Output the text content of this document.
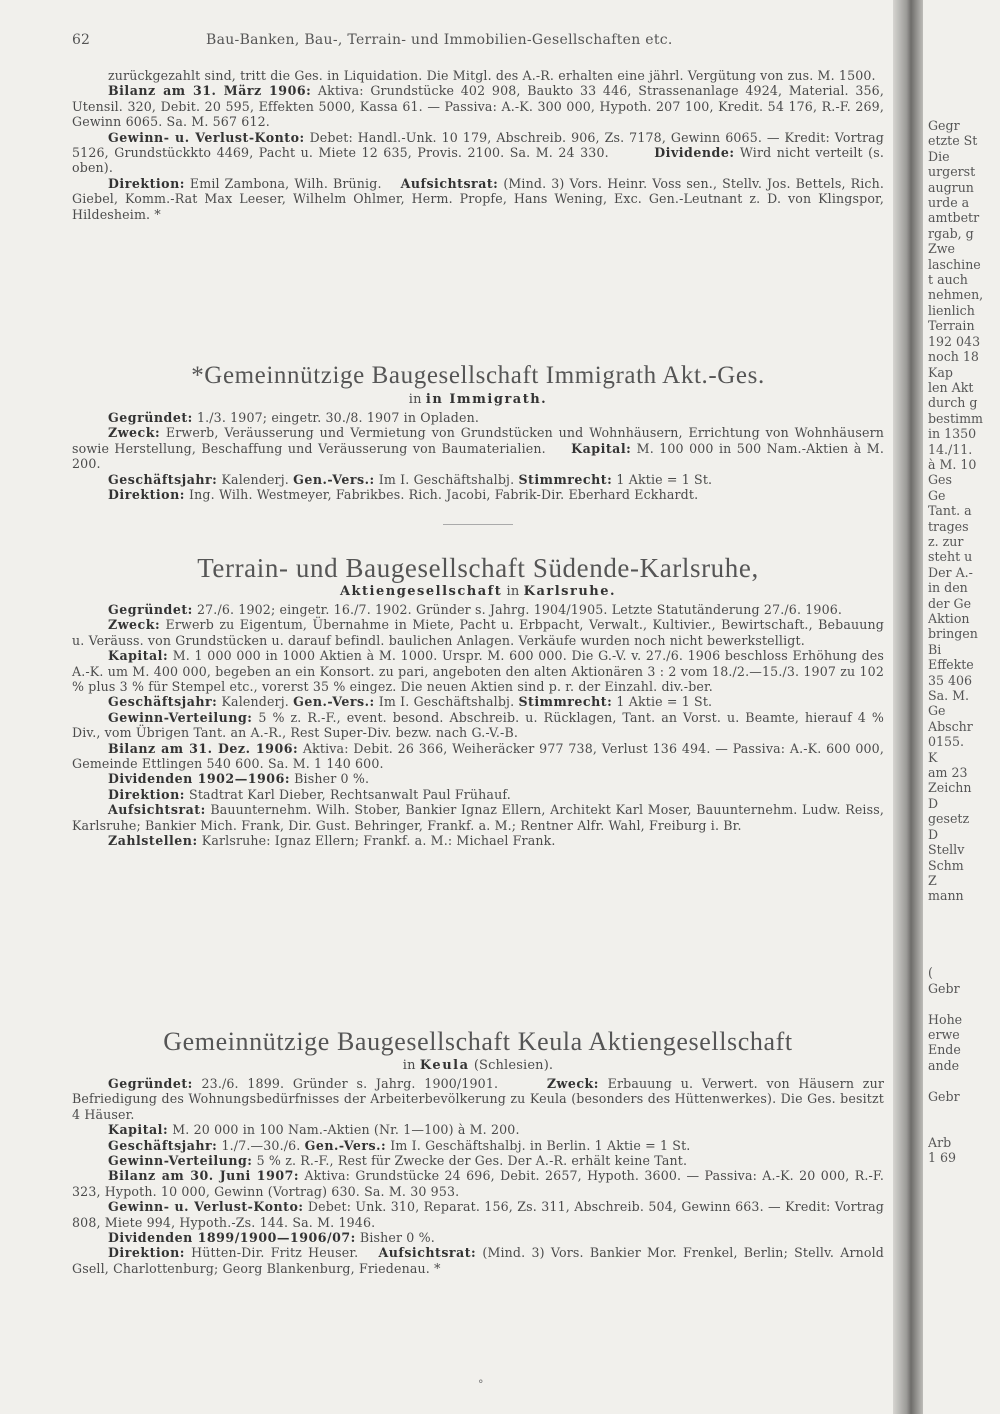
62	Bau-Banken, Bau-, Terrain- und Immobilien-Gesellschaften etc.

zurückgezahlt sind, tritt die Ges. in Liquidation. Die Mitgl. des A.-R. erhalten eine jährl. Vergütung von zus. M. 1500.

Bilanz am 31. März 1906: Aktiva: Grundstücke 402 908, Baukto 33 446, Strassenanlage 4924, Material. 356, Utensil. 320, Debit. 20 595, Effekten 5000, Kassa 61. — Passiva: A.-K. 300 000, Hypoth. 207 100, Kredit. 54 176, R.-F. 269, Gewinn 6065. Sa. M. 567 612.

Gewinn- u. Verlust-Konto: Debet: Handl.-Unk. 10 179, Abschreib. 906, Zs. 7178, Gewinn 6065. — Kredit: Vortrag 5126, Grundstückkto 4469, Pacht u. Miete 12 635, Provis. 2100. Sa. M. 24 330.	Dividende: Wird nicht verteilt (s. oben).

Direktion: Emil Zambona, Wilh. Brünig. Aufsichtsrat: (Mind. 3) Vors. Heinr. Voss sen., Stellv. Jos. Bettels, Rich. Giebel, Komm.-Rat Max Leeser, Wilhelm Ohlmer, Herm. Propfe, Hans Wening, Exc. Gen.-Leutnant z. D. von Klingspor, Hildesheim. *

*Gemeinnützige Baugesellschaft Immigrath Akt.-Ges.

in in Immigrath.

Gegründet: 1./3. 1907; eingetr. 30./8. 1907 in Opladen.

Zweck: Erwerb, Veräusserung und Vermietung von Grundstücken und Wohnhäusern, Errichtung von Wohnhäusern sowie Herstellung, Beschaffung und Veräusserung von Baumaterialien. Kapital: M. 100 000 in 500 Nam.-Aktien à M. 200.

Geschäftsjahr: Kalenderj. Gen.-Vers.: Im I. Geschäftshalbj. Stimmrecht: 1 Aktie = 1 St.

Direktion: Ing. Wilh. Westmeyer, Fabrikbes. Rich. Jacobi, Fabrik-Dir. Eberhard Eckhardt.

Terrain- und Baugesellschaft Südende-Karlsruhe,

Aktiengesellschaft in Karlsruhe.

Gegründet: 27./6. 1902; eingetr. 16./7. 1902. Gründer s. Jahrg. 1904/1905. Letzte Statutänderung 27./6. 1906.

Zweck: Erwerb zu Eigentum, Übernahme in Miete, Pacht u. Erbpacht, Verwalt., Kultivier., Bewirtschaft., Bebauung u. Veräuss. von Grundstücken u. darauf befindl. baulichen Anlagen. Verkäufe wurden noch nicht bewerkstelligt.

Kapital: M. 1 000 000 in 1000 Aktien à M. 1000. Urspr. M. 600 000. Die G.-V. v. 27./6. 1906 beschloss Erhöhung des A.-K. um M. 400 000, begeben an ein Konsort. zu pari, angeboten den alten Aktionären 3 : 2 vom 18./2.—15./3. 1907 zu 102 % plus 3 % für Stempel etc., vorerst 35 % eingez. Die neuen Aktien sind p. r. der Einzahl. div.-ber.

Geschäftsjahr: Kalenderj. Gen.-Vers.: Im I. Geschäftshalbj. Stimmrecht: 1 Aktie = 1 St.

Gewinn-Verteilung: 5 % z. R.-F., event. besond. Abschreib. u. Rücklagen, Tant. an Vorst. u. Beamte, hierauf 4 % Div., vom Übrigen Tant. an A.-R., Rest Super-Div. bezw. nach G.-V.-B.

Bilanz am 31. Dez. 1906: Aktiva: Debit. 26 366, Weiheräcker 977 738, Verlust 136 494. — Passiva: A.-K. 600 000, Gemeinde Ettlingen 540 600. Sa. M. 1 140 600.

Dividenden 1902—1906: Bisher 0 %.

Direktion: Stadtrat Karl Dieber, Rechtsanwalt Paul Frühauf.

Aufsichtsrat: Bauunternehm. Wilh. Stober, Bankier Ignaz Ellern, Architekt Karl Moser, Bauunternehm. Ludw. Reiss, Karlsruhe; Bankier Mich. Frank, Dir. Gust. Behringer, Frankf. a. M.; Rentner Alfr. Wahl, Freiburg i. Br.

Zahlstellen: Karlsruhe: Ignaz Ellern; Frankf. a. M.: Michael Frank.

Gemeinnützige Baugesellschaft Keula Aktiengesellschaft

in Keula (Schlesien).

Gegründet: 23./6. 1899. Gründer s. Jahrg. 1900/1901.	Zweck: Erbauung u. Verwert. von Häusern zur Befriedigung des Wohnungsbedürfnisses der Arbeiterbevölkerung zu Keula (besonders des Hüttenwerkes). Die Ges. besitzt 4 Häuser.

Kapital: M. 20 000 in 100 Nam.-Aktien (Nr. 1—100) à M. 200.

Geschäftsjahr: 1./7.—30./6. Gen.-Vers.: Im I. Geschäftshalbj. in Berlin. 1 Aktie = 1 St.

Gewinn-Verteilung: 5 % z. R.-F., Rest für Zwecke der Ges. Der A.-R. erhält keine Tant.

Bilanz am 30. Juni 1907: Aktiva: Grundstücke 24 696, Debit. 2657, Hypoth. 3600. — Passiva: A.-K. 20 000, R.-F. 323, Hypoth. 10 000, Gewinn (Vortrag) 630. Sa. M. 30 953.

Gewinn- u. Verlust-Konto: Debet: Unk. 310, Reparat. 156, Zs. 311, Abschreib. 504, Gewinn 663. — Kredit: Vortrag 808, Miete 994, Hypoth.-Zs. 144. Sa. M. 1946.

Dividenden 1899/1900—1906/07: Bisher 0 %.

Direktion: Hütten-Dir. Fritz Heuser. Aufsichtsrat: (Mind. 3) Vors. Bankier Mor. Frenkel, Berlin; Stellv. Arnold Gsell, Charlottenburg; Georg Blankenburg, Friedenau. *

°
Gegr
etzte St
Die
urgerst
augrun
urde a
amtbetr
rgab, g
Zwe
laschine
t auch
nehmen,
lienlich
Terrain
192 043
noch 18
Kap
len Akt
durch g
bestimm
in 1350
14./11.
à M. 10
Ges
Ge
Tant. a
trages
z. zur
steht u
Der A.-
in den
der Ge
Aktion
bringen
Bi
Effekte
35 406
Sa. M.
Ge
Abschr
0155.
K
am 23
Zeichn
D
gesetz
D
Stellv
Schm
Z
mann

(
Gebr

Hohe
erwe
Ende
ande

Gebr

Arb
1 69
